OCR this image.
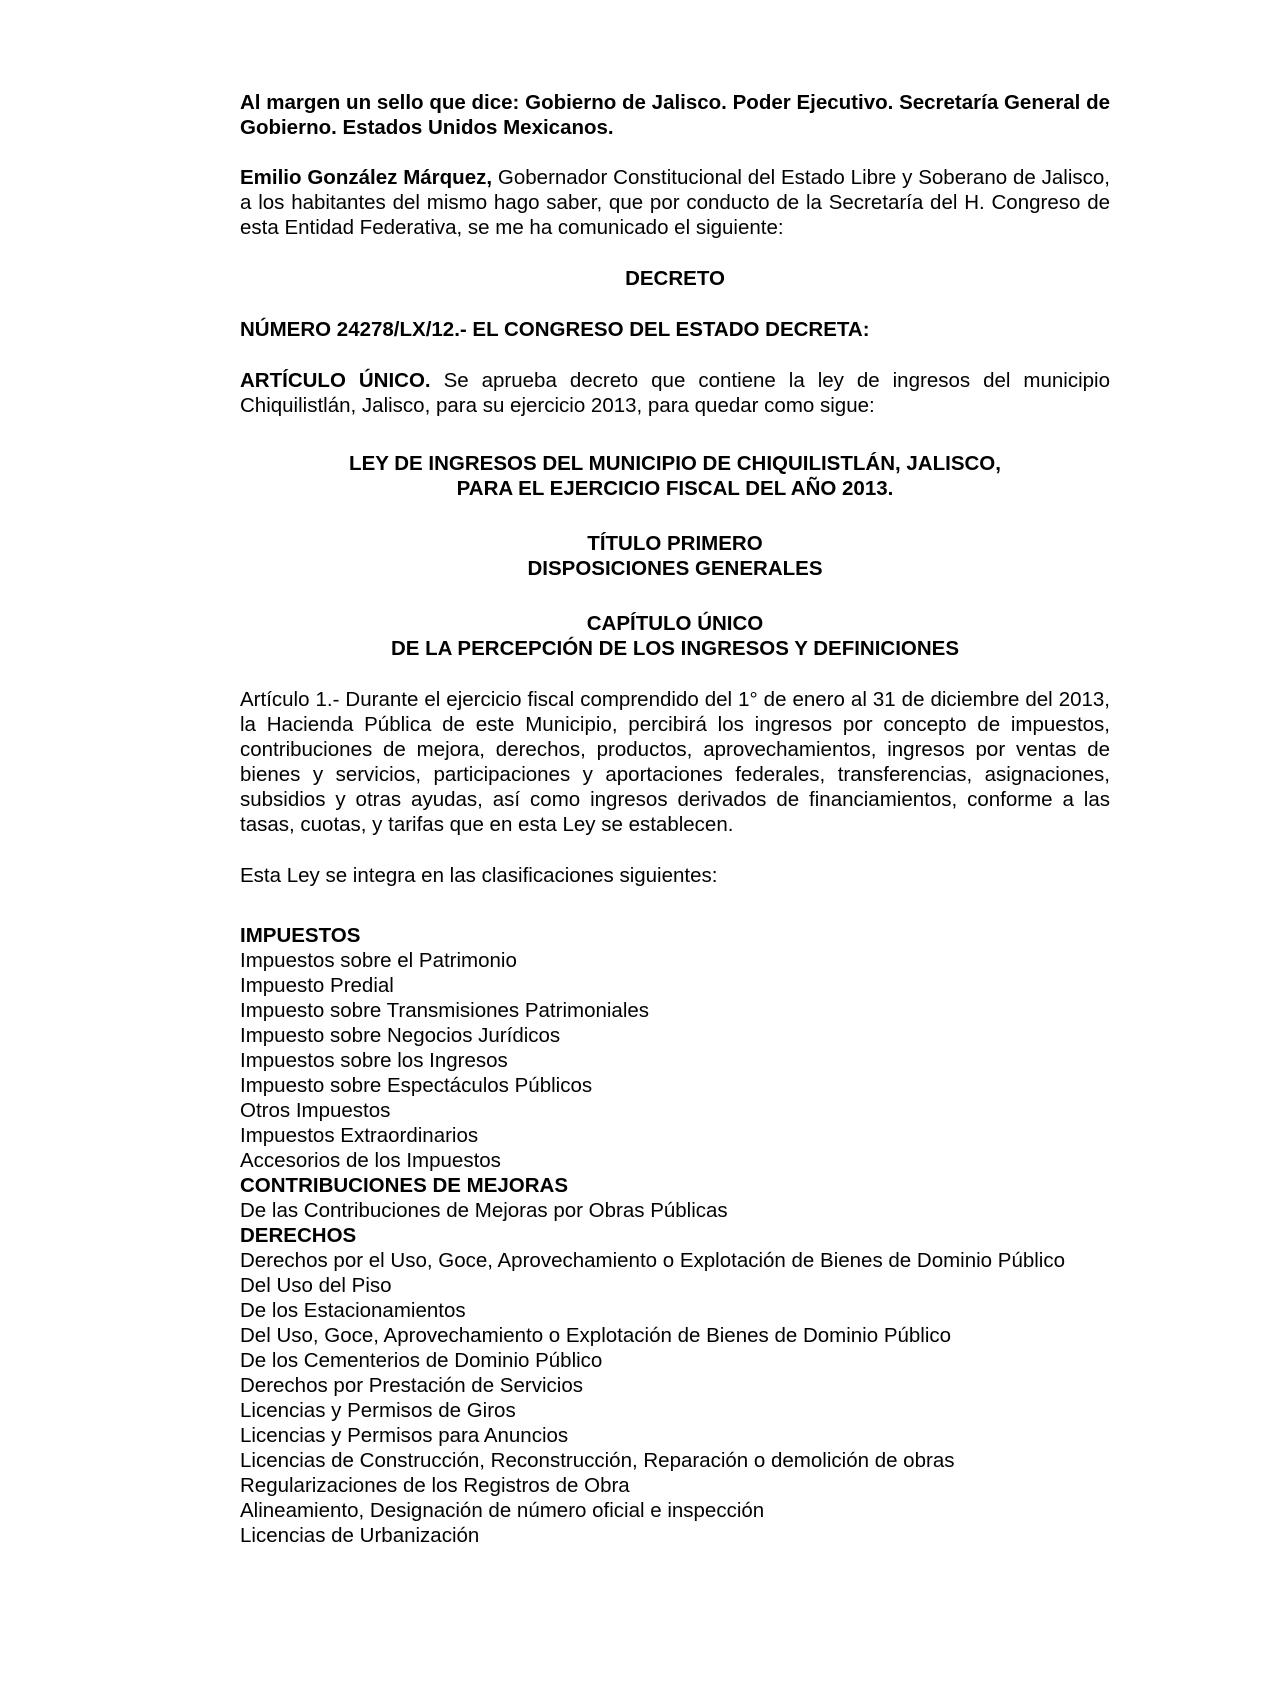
Al margen un sello que dice: Gobierno de Jalisco. Poder Ejecutivo. Secretaría General de Gobierno. Estados Unidos Mexicanos.

Emilio González Márquez, Gobernador Constitucional del Estado Libre y Soberano de Jalisco, a los habitantes del mismo hago saber, que por conducto de la Secretaría del H. Congreso de esta Entidad Federativa, se me ha comunicado el siguiente:

DECRETO

NÚMERO 24278/LX/12.- EL CONGRESO DEL ESTADO DECRETA:

ARTÍCULO ÚNICO. Se aprueba decreto que contiene la ley de ingresos del municipio Chiquilistlán, Jalisco, para su ejercicio 2013, para quedar como sigue:

LEY DE INGRESOS DEL MUNICIPIO DE CHIQUILISTLÁN, JALISCO,

PARA EL EJERCICIO FISCAL DEL AÑO 2013.

TÍTULO PRIMERO

DISPOSICIONES GENERALES

CAPÍTULO ÚNICO

DE LA PERCEPCIÓN DE LOS INGRESOS Y DEFINICIONES

Artículo 1.- Durante el ejercicio fiscal comprendido del 1° de enero al 31 de diciembre del 2013, la Hacienda Pública de este Municipio, percibirá los ingresos por concepto de impuestos, contribuciones de mejora, derechos, productos, aprovechamientos, ingresos por ventas de bienes y servicios, participaciones y aportaciones federales, transferencias, asignaciones, subsidios y otras ayudas, así como ingresos derivados de financiamientos, conforme a las tasas, cuotas, y tarifas que en esta Ley se establecen.

Esta Ley se integra en las clasificaciones siguientes:

IMPUESTOS

Impuestos sobre el Patrimonio

Impuesto Predial

Impuesto sobre Transmisiones Patrimoniales

Impuesto sobre Negocios Jurídicos

Impuestos sobre los Ingresos

Impuesto sobre Espectáculos Públicos

Otros Impuestos

Impuestos Extraordinarios

Accesorios de los Impuestos

CONTRIBUCIONES DE MEJORAS

De las Contribuciones de Mejoras por Obras Públicas

DERECHOS

Derechos por el Uso, Goce, Aprovechamiento o Explotación de Bienes de Dominio Público

Del Uso del Piso

De los Estacionamientos

Del Uso, Goce, Aprovechamiento o Explotación de Bienes de Dominio Público

De los Cementerios de Dominio Público

Derechos por Prestación de Servicios

Licencias y Permisos de Giros

Licencias y Permisos para Anuncios

Licencias de Construcción, Reconstrucción, Reparación o demolición de obras

Regularizaciones de los Registros de Obra

Alineamiento, Designación de número oficial e inspección

Licencias de Urbanización
